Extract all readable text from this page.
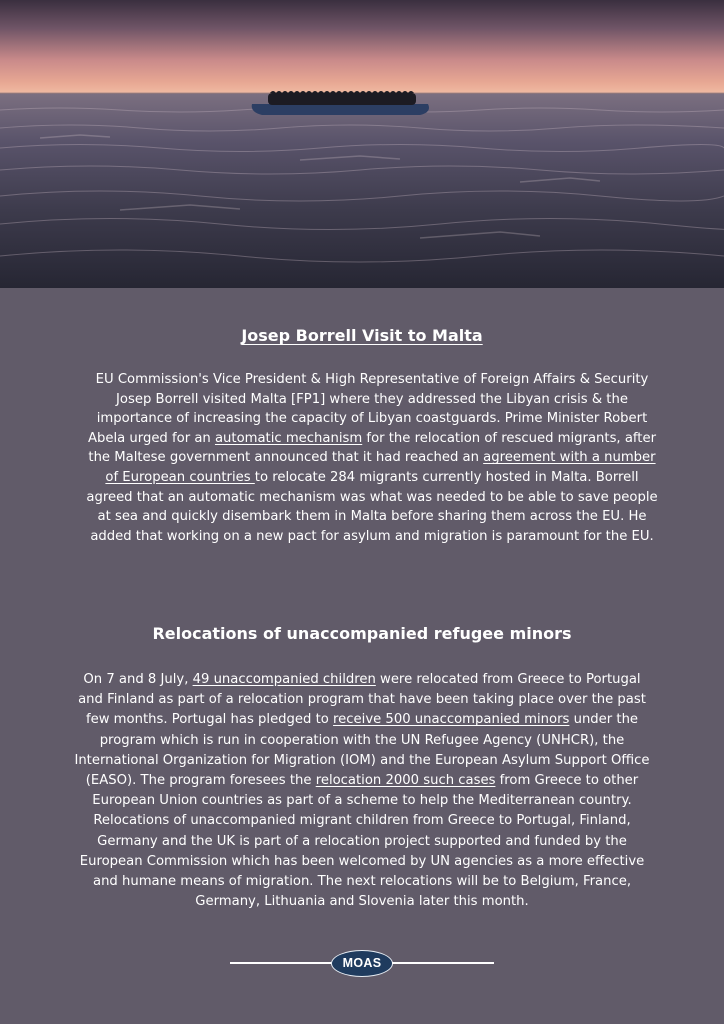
Josep Borrell Visit to Malta
EU Commission's Vice President & High Representative of Foreign Affairs & Security Josep Borrell visited Malta [FP1] where they addressed the Libyan crisis & the importance of increasing the capacity of Libyan coastguards. Prime Minister Robert Abela urged for an automatic mechanism for the relocation of rescued migrants, after the Maltese government announced that it had reached an agreement with a number of European countries to relocate 284 migrants currently hosted in Malta. Borrell agreed that an automatic mechanism was what was needed to be able to save people at sea and quickly disembark them in Malta before sharing them across the EU. He added that working on a new pact for asylum and migration is paramount for the EU.
Relocations of unaccompanied refugee minors
On 7 and 8 July, 49 unaccompanied children were relocated from Greece to Portugal and Finland as part of a relocation program that have been taking place over the past few months. Portugal has pledged to receive 500 unaccompanied minors under the program which is run in cooperation with the UN Refugee Agency (UNHCR), the International Organization for Migration (IOM) and the European Asylum Support Office (EASO). The program foresees the relocation 2000 such cases from Greece to other European Union countries as part of a scheme to help the Mediterranean country. Relocations of unaccompanied migrant children from Greece to Portugal, Finland, Germany and the UK is part of a relocation project supported and funded by the European Commission which has been welcomed by UN agencies as a more effective and humane means of migration. The next relocations will be to Belgium, France, Germany, Lithuania and Slovenia later this month.
MOAS
